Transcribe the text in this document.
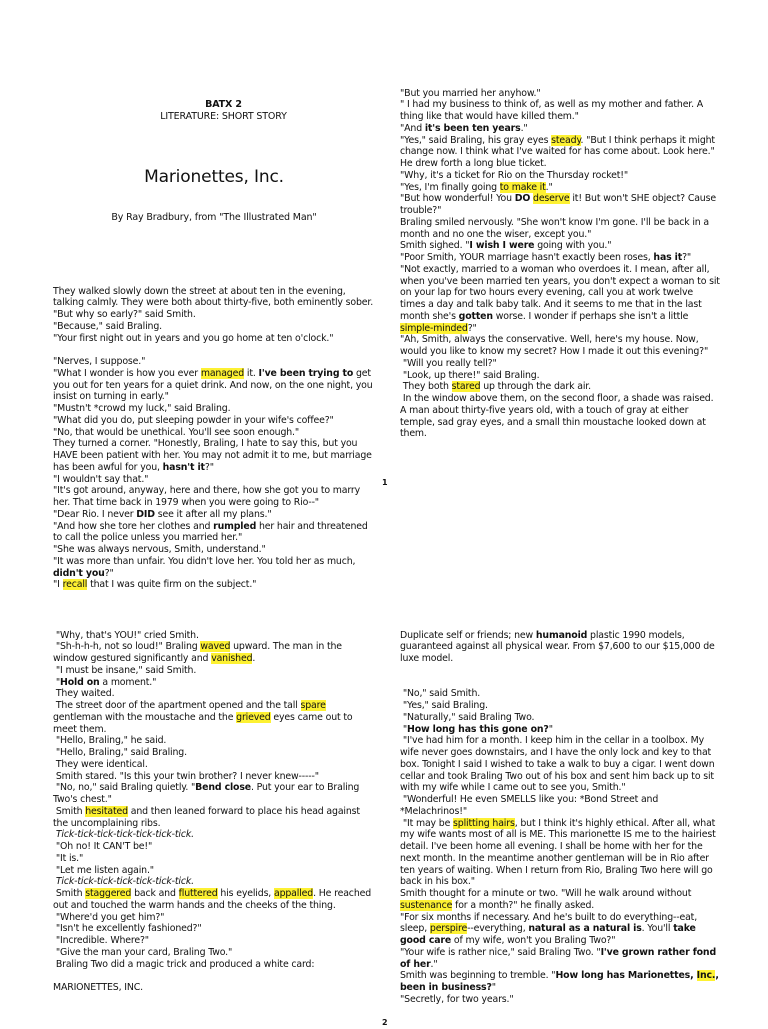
BATX 2
LITERATURE: SHORT STORY

Marionettes, Inc.

By Ray Bradbury, from "The Illustrated Man"

They walked slowly down the street at about ten in the evening, talking calmly. They were both about thirty-five, both eminently sober.

"But why so early?" said Smith.

"Because," said Braling.

"Your first night out in years and you go home at ten o'clock."

"Nerves, I suppose."

"What I wonder is how you ever managed it. I've been trying to get you out for ten years for a quiet drink. And now, on the one night, you insist on turning in early."

"Mustn't *crowd my luck," said Braling.

"What did you do, put sleeping powder in your wife's coffee?"

"No, that would be unethical. You'll see soon enough."

They turned a corner. "Honestly, Braling, I hate to say this, but you HAVE been patient with her. You may not admit it to me, but marriage has been awful for you, hasn't it?"

"I wouldn't say that."

"It's got around, anyway, here and there, how she got you to marry her. That time back in 1979 when you were going to Rio--"

"Dear Rio. I never DID see it after all my plans."

"And how she tore her clothes and rumpled her hair and threatened to call the police unless you married her."

"She was always nervous, Smith, understand."

"It was more than unfair. You didn't love her. You told her as much, didn't you?"

"I recall that I was quite firm on the subject."

"But you married her anyhow."

" I had my business to think of, as well as my mother and father. A thing like that would have killed them."

"And it's been ten years."

"Yes," said Braling, his gray eyes steady. "But I think perhaps it might change now. I think what I've waited for has come about. Look here."

He drew forth a long blue ticket.

"Why, it's a ticket for Rio on the Thursday rocket!"

"Yes, I'm finally going to make it."

"But how wonderful! You DO deserve it! But won't SHE object? Cause trouble?"

Braling smiled nervously. "She won't know I'm gone. I'll be back in a month and no one the wiser, except you."

Smith sighed. "I wish I were going with you."

"Poor Smith, YOUR marriage hasn't exactly been roses, has it?"

"Not exactly, married to a woman who overdoes it. I mean, after all, when you've been married ten years, you don't expect a woman to sit on your lap for two hours every evening, call you at work twelve times a day and talk baby talk. And it seems to me that in the last month she's gotten worse. I wonder if perhaps she isn't a little simple-minded?"

"Ah, Smith, always the conservative. Well, here's my house. Now, would you like to know my secret? How I made it out this evening?"

"Will you really tell?"

"Look, up there!" said Braling.

They both stared up through the dark air.

In the window above them, on the second floor, a shade was raised. A man about thirty-five years old, with a touch of gray at either temple, sad gray eyes, and a small thin moustache looked down at them.

1

"Why, that's YOU!" cried Smith.

"Sh-h-h-h, not so loud!" Braling waved upward. The man in the window gestured significantly and vanished.

"I must be insane," said Smith.

"Hold on a moment."

They waited.

The street door of the apartment opened and the tall spare gentleman with the moustache and the grieved eyes came out to meet them.

"Hello, Braling," he said.

"Hello, Braling," said Braling.

They were identical.

Smith stared. "Is this your twin brother? I never knew-----"

"No, no," said Braling quietly. "Bend close. Put your ear to Braling Two's chest."

Smith hesitated and then leaned forward to place his head against the uncomplaining ribs.

Tick-tick-tick-tick-tick-tick-tick.

"Oh no! It CAN'T be!"

"It is."

"Let me listen again."

Tick-tick-tick-tick-tick-tick-tick.

Smith staggered back and fluttered his eyelids, appalled. He reached out and touched the warm hands and the cheeks of the thing.

"Where'd you get him?"

"Isn't he excellently fashioned?"

"Incredible. Where?"

"Give the man your card, Braling Two."

Braling Two did a magic trick and produced a white card:

MARIONETTES, INC.

Duplicate self or friends; new humanoid plastic 1990 models, guaranteed against all physical wear. From $7,600 to our $15,000 de luxe model.

"No," said Smith.

"Yes," said Braling.

"Naturally," said Braling Two.

"How long has this gone on?"

"I've had him for a month. I keep him in the cellar in a toolbox. My wife never goes downstairs, and I have the only lock and key to that box. Tonight I said I wished to take a walk to buy a cigar. I went down cellar and took Braling Two out of his box and sent him back up to sit with my wife while I came out to see you, Smith."

"Wonderful! He even SMELLS like you: *Bond Street and *Melachrinos!"

"It may be splitting hairs, but I think it's highly ethical. After all, what my wife wants most of all is ME. This marionette IS me to the hairiest detail. I've been home all evening. I shall be home with her for the next month. In the meantime another gentleman will be in Rio after ten years of waiting. When I return from Rio, Braling Two here will go back in his box."

Smith thought for a minute or two. "Will he walk around without sustenance for a month?" he finally asked.

"For six months if necessary. And he's built to do everything--eat, sleep, perspire--everything, natural as a natural is. You'll take good care of my wife, won't you Braling Two?"

"Your wife is rather nice," said Braling Two. "I've grown rather fond of her."

Smith was beginning to tremble. "How long has Marionettes, Inc., been in business?"

"Secretly, for two years."

2
